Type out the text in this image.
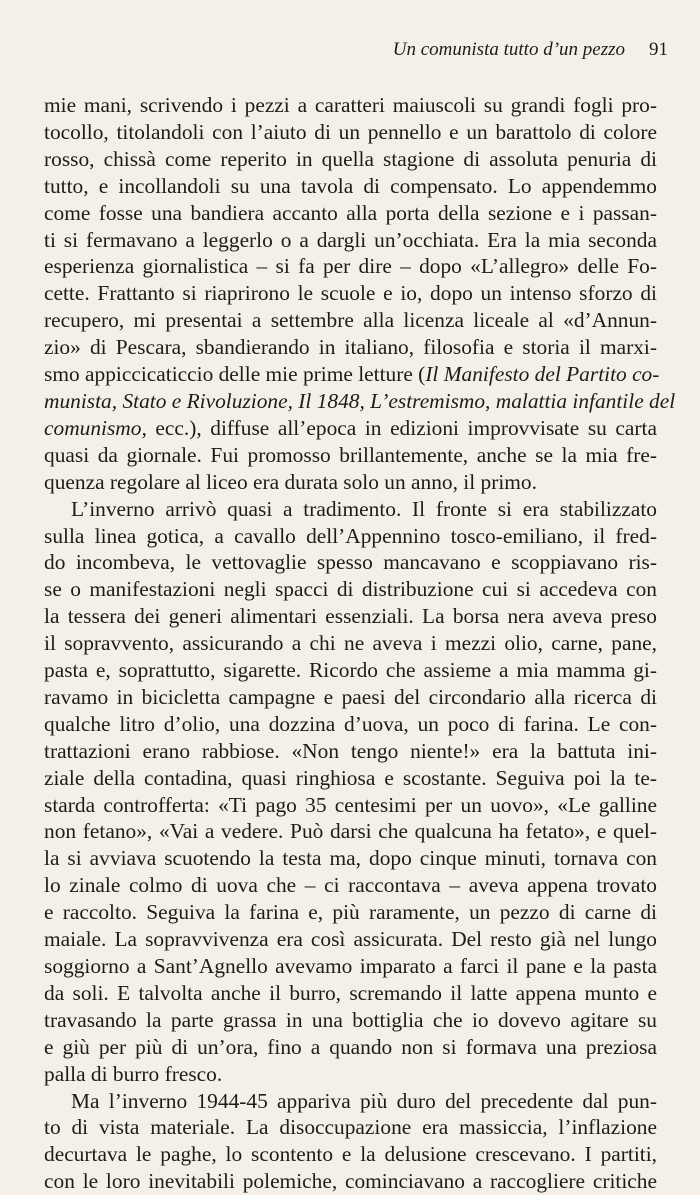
Un comunista tutto d’un pezzo 91
mie mani, scrivendo i pezzi a caratteri maiuscoli su grandi fogli pro-
tocollo, titolandoli con l’aiuto di un pennello e un barattolo di colore
rosso, chissà come reperito in quella stagione di assoluta penuria di
tutto, e incollandoli su una tavola di compensato. Lo appendemmo
come fosse una bandiera accanto alla porta della sezione e i passan-
ti si fermavano a leggerlo o a dargli un’occhiata. Era la mia seconda
esperienza giornalistica – si fa per dire – dopo «L’allegro» delle Fo-
cette. Frattanto si riaprirono le scuole e io, dopo un intenso sforzo di
recupero, mi presentai a settembre alla licenza liceale al «d’Annun-
zio» di Pescara, sbandierando in italiano, filosofia e storia il marxi-
smo appiccicaticcio delle mie prime letture (Il Manifesto del Partito co-
munista, Stato e Rivoluzione, Il 1848, L’estremismo, malattia infantile del
comunismo, ecc.), diffuse all’epoca in edizioni improvvisate su carta
quasi da giornale. Fui promosso brillantemente, anche se la mia fre-
quenza regolare al liceo era durata solo un anno, il primo.
L’inverno arrivò quasi a tradimento. Il fronte si era stabilizzato
sulla linea gotica, a cavallo dell’Appennino tosco-emiliano, il fred-
do incombeva, le vettovaglie spesso mancavano e scoppiavano ris-
se o manifestazioni negli spacci di distribuzione cui si accedeva con
la tessera dei generi alimentari essenziali. La borsa nera aveva preso
il sopravvento, assicurando a chi ne aveva i mezzi olio, carne, pane,
pasta e, soprattutto, sigarette. Ricordo che assieme a mia mamma gi-
ravamo in bicicletta campagne e paesi del circondario alla ricerca di
qualche litro d’olio, una dozzina d’uova, un poco di farina. Le con-
trattazioni erano rabbiose. «Non tengo niente!» era la battuta ini-
ziale della contadina, quasi ringhiosa e scostante. Seguiva poi la te-
starda controfferta: «Ti pago 35 centesimi per un uovo», «Le galline
non fetano», «Vai a vedere. Può darsi che qualcuna ha fetato», e quel-
la si avviava scuotendo la testa ma, dopo cinque minuti, tornava con
lo zinale colmo di uova che – ci raccontava – aveva appena trovato
e raccolto. Seguiva la farina e, più raramente, un pezzo di carne di
maiale. La sopravvivenza era così assicurata. Del resto già nel lungo
soggiorno a Sant’Agnello avevamo imparato a farci il pane e la pasta
da soli. E talvolta anche il burro, scremando il latte appena munto e
travasando la parte grassa in una bottiglia che io dovevo agitare su
e giù per più di un’ora, fino a quando non si formava una preziosa
palla di burro fresco.
Ma l’inverno 1944-45 appariva più duro del precedente dal pun-
to di vista materiale. La disoccupazione era massiccia, l’inflazione
decurtava le paghe, lo scontento e la delusione crescevano. I partiti,
con le loro inevitabili polemiche, cominciavano a raccogliere critiche
